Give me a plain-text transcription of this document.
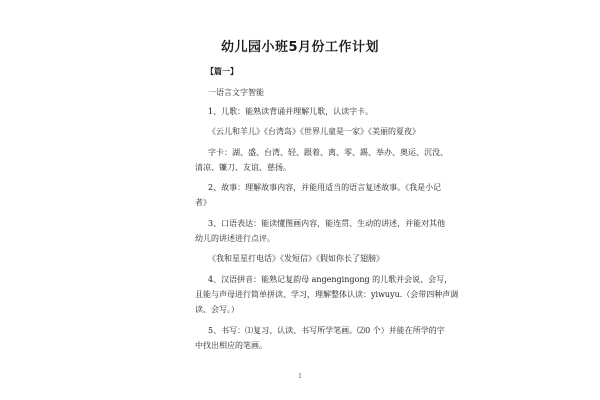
幼儿园小班5月份工作计划
【篇一】
一语言文字智能
1、儿歌：能熟读背诵并理解儿歌，认读字卡。
《云儿和羊儿》《台湾岛》《世界儿童是一家》《美丽的夏夜》
字卡：湖、盛、台湾、轻、跟着、离、零、踢、举办、奥运、沉没、
清凉、镰刀、友谊、慈扬。
2、故事：理解故事内容，并能用适当的语言复述故事。《我是小记
者》
3、口语表达：能读懂图画内容，能连贯、生动的讲述，并能对其他
幼儿的讲述进行点评。
《我和星星打电话》《发短信》《假如你长了翅膀》
4、汉语拼音：能熟记复韵母 angengingong 的儿歌并会说、会写，
且能与声母进行简单拼读、学习，理解整体认读：yiwuyu.（会带四种声调
读、会写。）
5、书写：⑴复习、认读、书写所学笔画。⑵0 个）并能在所学的字
中找出相应的笔画。
1
